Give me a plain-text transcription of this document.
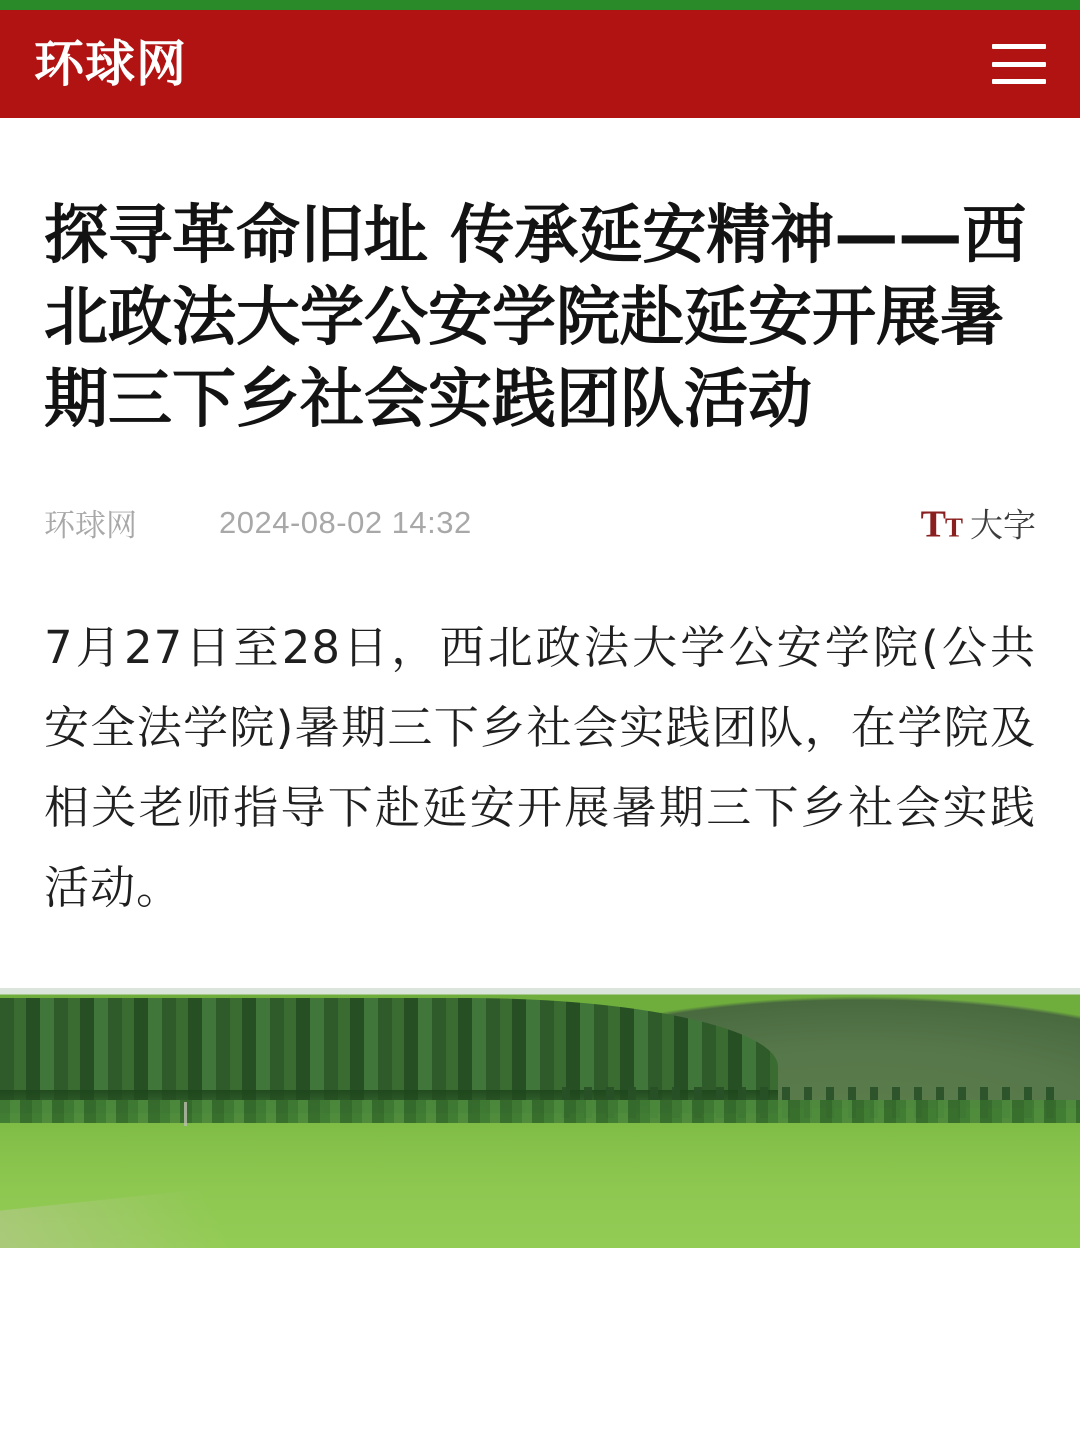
环球网
探寻革命旧址 传承延安精神——西北政法大学公安学院赴延安开展暑期三下乡社会实践团队活动
环球网	2024-08-02 14:32	TT 大字

7月27日至28日，西北政法大学公安学院(公共安全法学院)暑期三下乡社会实践团队，在学院及相关老师指导下赴延安开展暑期三下乡社会实践活动。
